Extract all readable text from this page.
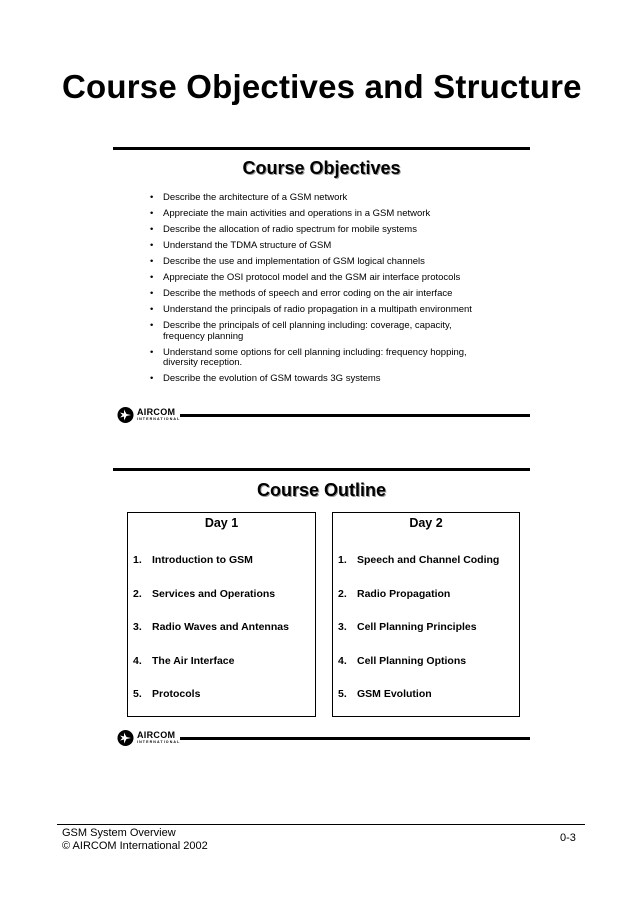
Course Objectives and Structure
Course Objectives
• Describe the architecture of a GSM network
• Appreciate the main activities and operations in a GSM network
• Describe the allocation of radio spectrum for mobile systems
• Understand the TDMA structure of GSM
• Describe the use and implementation of GSM logical channels
• Appreciate the OSI protocol model and the GSM air interface protocols
• Describe the methods of speech and error coding on the air interface
• Understand the principals of radio propagation in a multipath environment
• Describe the principals of cell planning including: coverage, capacity, frequency planning
• Understand some options for cell planning including: frequency hopping, diversity reception.
• Describe the evolution of GSM towards 3G systems
AIRCOM
INTERNATIONAL
Course Outline
Day 1
1. Introduction to GSM
2. Services and Operations
3. Radio Waves and Antennas
4. The Air Interface
5. Protocols
Day 2
1. Speech and Channel Coding
2. Radio Propagation
3. Cell Planning Principles
4. Cell Planning Options
5. GSM Evolution
AIRCOM
INTERNATIONAL
GSM System Overview
© AIRCOM International 2002
0-3
